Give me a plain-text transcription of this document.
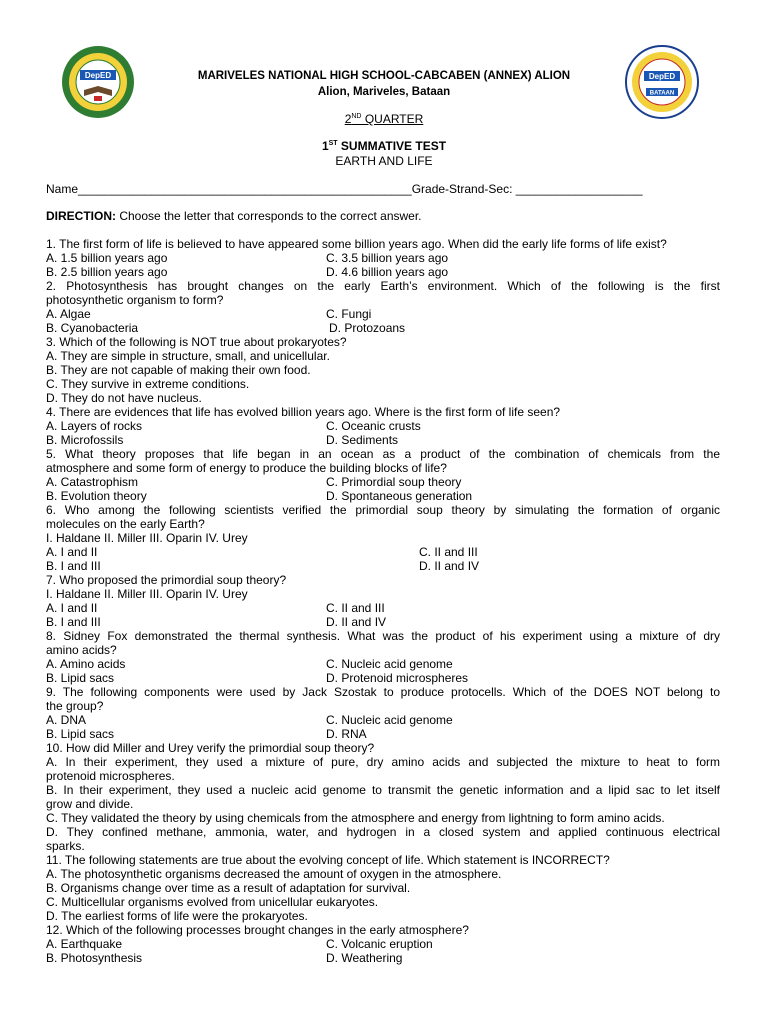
DepED	DepED
BATAAN
MARIVELES NATIONAL HIGH SCHOOL-CABCABEN (ANNEX) ALION
Alion, Mariveles, Bataan
2ND QUARTER
1ST SUMMATIVE TEST
EARTH AND LIFE
Name__________________________________________________Grade-Strand-Sec: ___________________
DIRECTION: Choose the letter that corresponds to the correct answer.
1. The first form of life is believed to have appeared some billion years ago. When did the early life forms of life exist?
A. 1.5 billion years ago	C. 3.5 billion years ago
B. 2.5 billion years ago	D. 4.6 billion years ago
2. Photosynthesis has brought changes on the early Earth’s environment. Which of the following is the first
photosynthetic organism to form?
A. Algae	C. Fungi
B. Cyanobacteria	D. Protozoans
3. Which of the following is NOT true about prokaryotes?
A. They are simple in structure, small, and unicellular.
B. They are not capable of making their own food.
C. They survive in extreme conditions.
D. They do not have nucleus.
4. There are evidences that life has evolved billion years ago. Where is the first form of life seen?
A. Layers of rocks	C. Oceanic crusts
B. Microfossils	D. Sediments
5. What theory proposes that life began in an ocean as a product of the combination of chemicals from the
atmosphere and some form of energy to produce the building blocks of life?
A. Catastrophism	C. Primordial soup theory
B. Evolution theory	D. Spontaneous generation
6. Who among the following scientists verified the primordial soup theory by simulating the formation of organic
molecules on the early Earth?
I. Haldane II. Miller III. Oparin IV. Urey
A. I and II	C. II and III
B. I and III	D. II and IV
7. Who proposed the primordial soup theory?
I. Haldane II. Miller III. Oparin IV. Urey
A. I and II	C. II and III
B. I and III	D. II and IV
8. Sidney Fox demonstrated the thermal synthesis. What was the product of his experiment using a mixture of dry
amino acids?
A. Amino acids	C. Nucleic acid genome
B. Lipid sacs	D. Protenoid microspheres
9. The following components were used by Jack Szostak to produce protocells. Which of the DOES NOT belong to
the group?
A. DNA	C. Nucleic acid genome
B. Lipid sacs	D. RNA
10. How did Miller and Urey verify the primordial soup theory?
A. In their experiment, they used a mixture of pure, dry amino acids and subjected the mixture to heat to form
protenoid microspheres.
B. In their experiment, they used a nucleic acid genome to transmit the genetic information and a lipid sac to let itself
grow and divide.
C. They validated the theory by using chemicals from the atmosphere and energy from lightning to form amino acids.
D. They confined methane, ammonia, water, and hydrogen in a closed system and applied continuous electrical
sparks.
11. The following statements are true about the evolving concept of life. Which statement is INCORRECT?
A. The photosynthetic organisms decreased the amount of oxygen in the atmosphere.
B. Organisms change over time as a result of adaptation for survival.
C. Multicellular organisms evolved from unicellular eukaryotes.
D. The earliest forms of life were the prokaryotes.
12. Which of the following processes brought changes in the early atmosphere?
A. Earthquake	C. Volcanic eruption
B. Photosynthesis	D. Weathering
